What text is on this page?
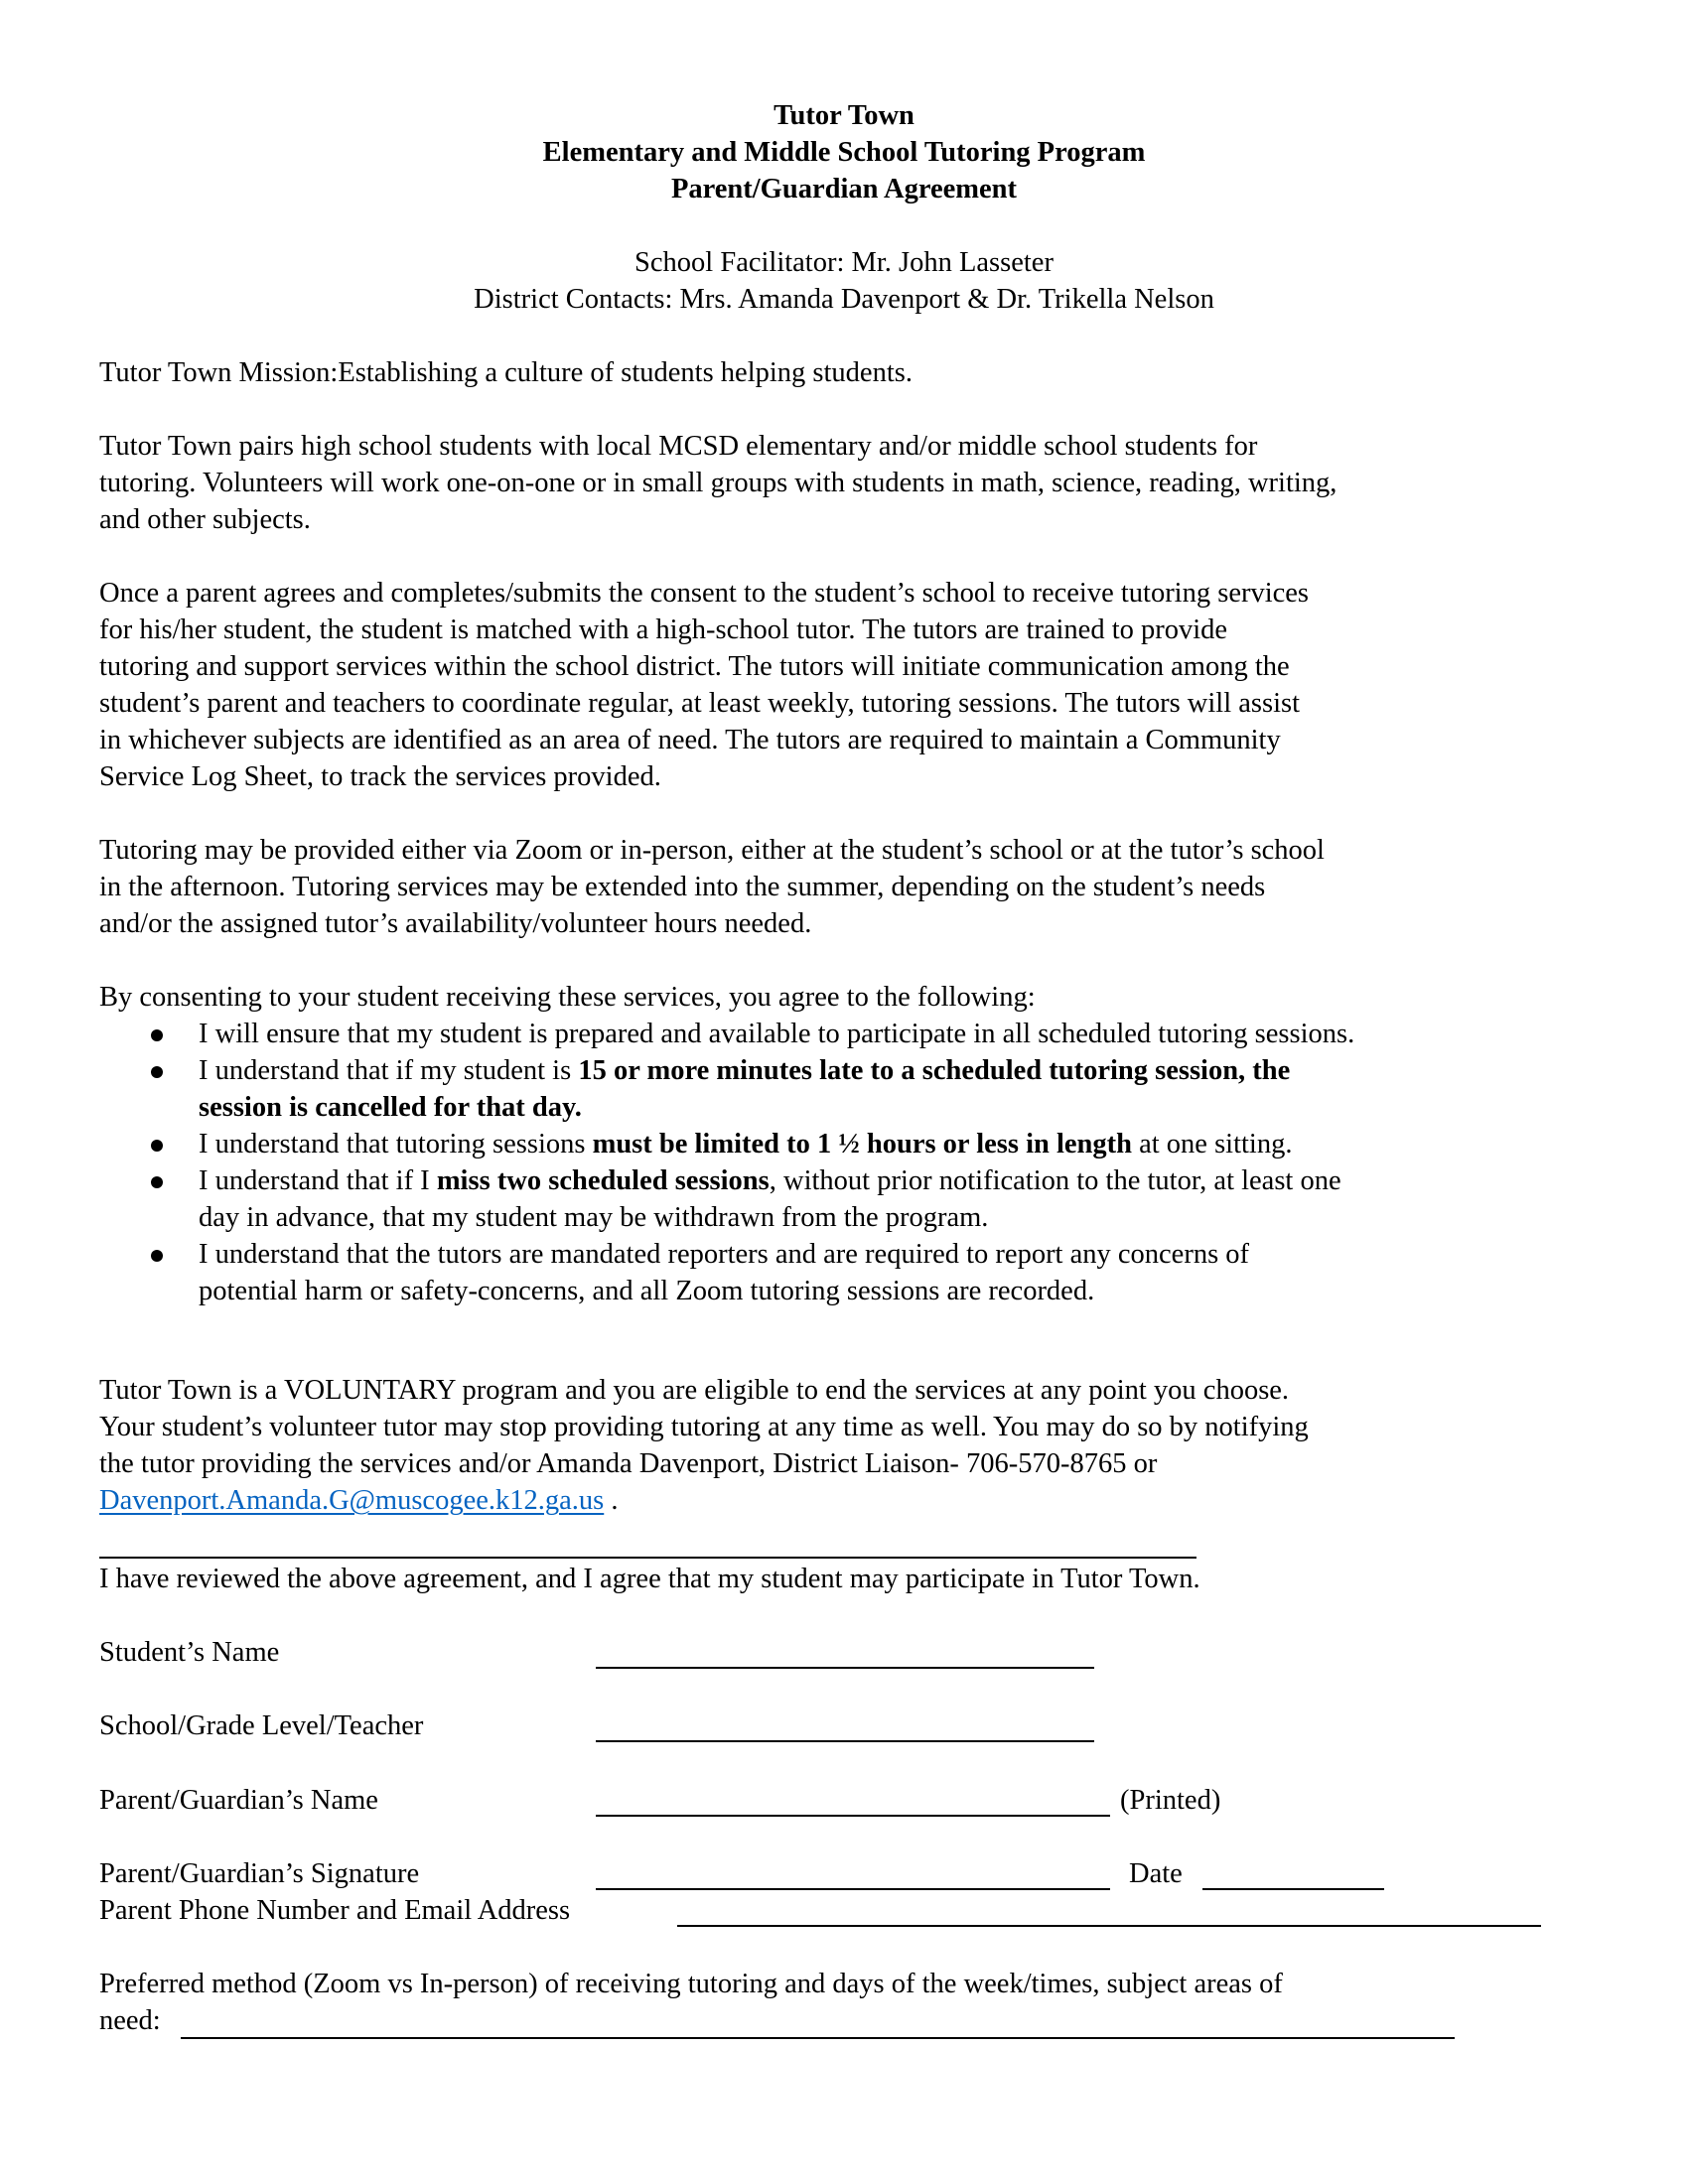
Tutor Town
Elementary and Middle School Tutoring Program
Parent/Guardian Agreement
School Facilitator: Mr. John Lasseter
District Contacts: Mrs. Amanda Davenport & Dr. Trikella Nelson
Tutor Town Mission:Establishing a culture of students helping students.
Tutor Town pairs high school students with local MCSD elementary and/or middle school students for
tutoring. Volunteers will work one-on-one or in small groups with students in math, science, reading, writing,
and other subjects.
Once a parent agrees and completes/submits the consent to the student’s school to receive tutoring services
for his/her student, the student is matched with a high-school tutor. The tutors are trained to provide
tutoring and support services within the school district. The tutors will initiate communication among the
student’s parent and teachers to coordinate regular, at least weekly, tutoring sessions. The tutors will assist
in whichever subjects are identified as an area of need. The tutors are required to maintain a Community
Service Log Sheet, to track the services provided.
Tutoring may be provided either via Zoom or in-person, either at the student’s school or at the tutor’s school
in the afternoon. Tutoring services may be extended into the summer, depending on the student’s needs
and/or the assigned tutor’s availability/volunteer hours needed.
By consenting to your student receiving these services, you agree to the following:
I will ensure that my student is prepared and available to participate in all scheduled tutoring sessions.
I understand that if my student is 15 or more minutes late to a scheduled tutoring session, the
session is cancelled for that day.
I understand that tutoring sessions must be limited to 1 ½ hours or less in length at one sitting.
I understand that if I miss two scheduled sessions, without prior notification to the tutor, at least one
day in advance, that my student may be withdrawn from the program.
I understand that the tutors are mandated reporters and are required to report any concerns of
potential harm or safety-concerns, and all Zoom tutoring sessions are recorded.
Tutor Town is a VOLUNTARY program and you are eligible to end the services at any point you choose.
Your student’s volunteer tutor may stop providing tutoring at any time as well. You may do so by notifying
the tutor providing the services and/or Amanda Davenport, District Liaison- 706-570-8765 or
Davenport.Amanda.G@muscogee.k12.ga.us .
I have reviewed the above agreement, and I agree that my student may participate in Tutor Town.
Student’s Name
School/Grade Level/Teacher
Parent/Guardian’s Name	(Printed)
Parent/Guardian’s Signature	Date
Parent Phone Number and Email Address
Preferred method (Zoom vs In-person) of receiving tutoring and days of the week/times, subject areas of
need:
